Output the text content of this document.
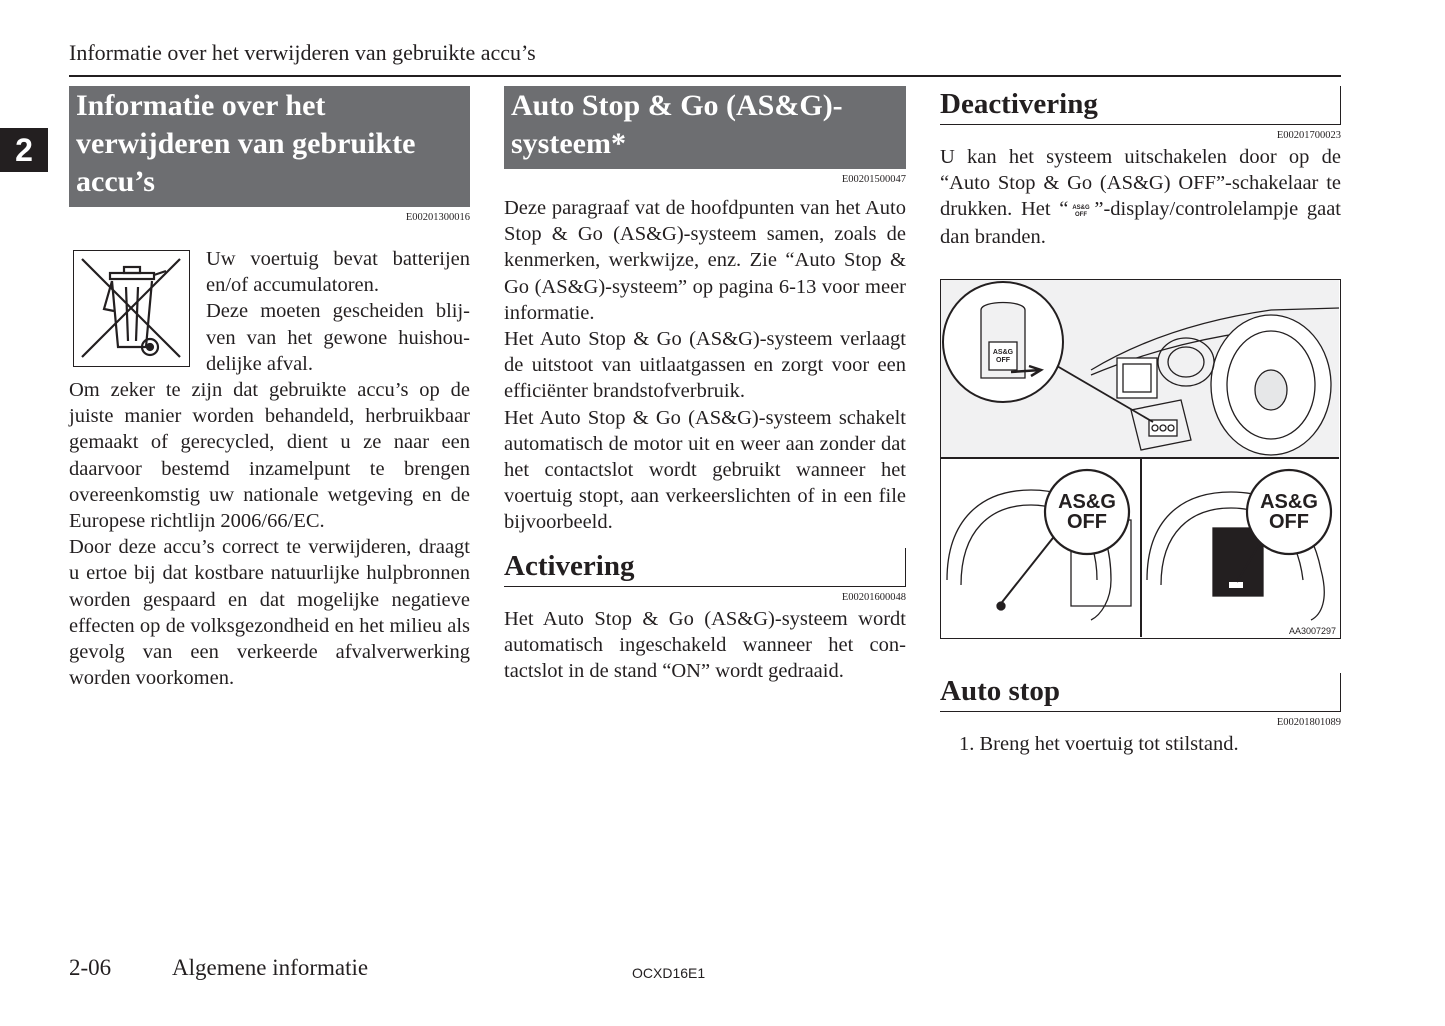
Informatie over het verwijderen van gebruikte accu’s
2
Informatie over het verwijderen van gebruikte accu’s
E00201300016
Uw voertuig bevat batterijen en/of accumulatoren.
Deze moeten gescheiden blijven van het gewone huishoudelijke afval.
Om zeker te zijn dat gebruikte accu’s op de juiste manier worden behandeld, herbruikbaar gemaakt of gerecycled, dient u ze naar een daarvoor bestemd inzamelpunt te brengen overeenkomstig uw nationale wetgeving en de Europese richtlijn 2006/66/EC.
Door deze accu’s correct te verwijderen, draagt u ertoe bij dat kostbare natuurlijke hulpbronnen worden gespaard en dat mogelijke negatieve effecten op de volksgezondheid en het milieu als gevolg van een verkeerde afvalverwerking worden voorkomen.
Auto Stop & Go (AS&G)-systeem*
E00201500047
Deze paragraaf vat de hoofdpunten van het Auto Stop & Go (AS&G)-systeem samen, zoals de kenmerken, werkwijze, enz. Zie “Auto Stop & Go (AS&G)-systeem” op pagina 6-13 voor meer informatie.
Het Auto Stop & Go (AS&G)-systeem verlaagt de uitstoot van uitlaatgassen en zorgt voor een efficiënter brandstofverbruik.
Het Auto Stop & Go (AS&G)-systeem schakelt automatisch de motor uit en weer aan zonder dat het contactslot wordt gebruikt wanneer het voertuig stopt, aan verkeerslichten of in een file bijvoorbeeld.
Activering
E00201600048
Het Auto Stop & Go (AS&G)-systeem wordt automatisch ingeschakeld wanneer het contactslot in de stand “ON” wordt gedraaid.
Deactivering
E00201700023
U kan het systeem uitschakelen door op de “Auto Stop & Go (AS&G) OFF”-schakelaar te drukken. Het “ AS&G
OFF ”-display/controlelampje gaat dan branden.
AS&G
OFF
AS&G
OFF
AS&G
OFF
AA3007297
Auto stop
E00201801089
1. Breng het voertuig tot stilstand.
2-06	Algemene informatie	OCXD16E1
